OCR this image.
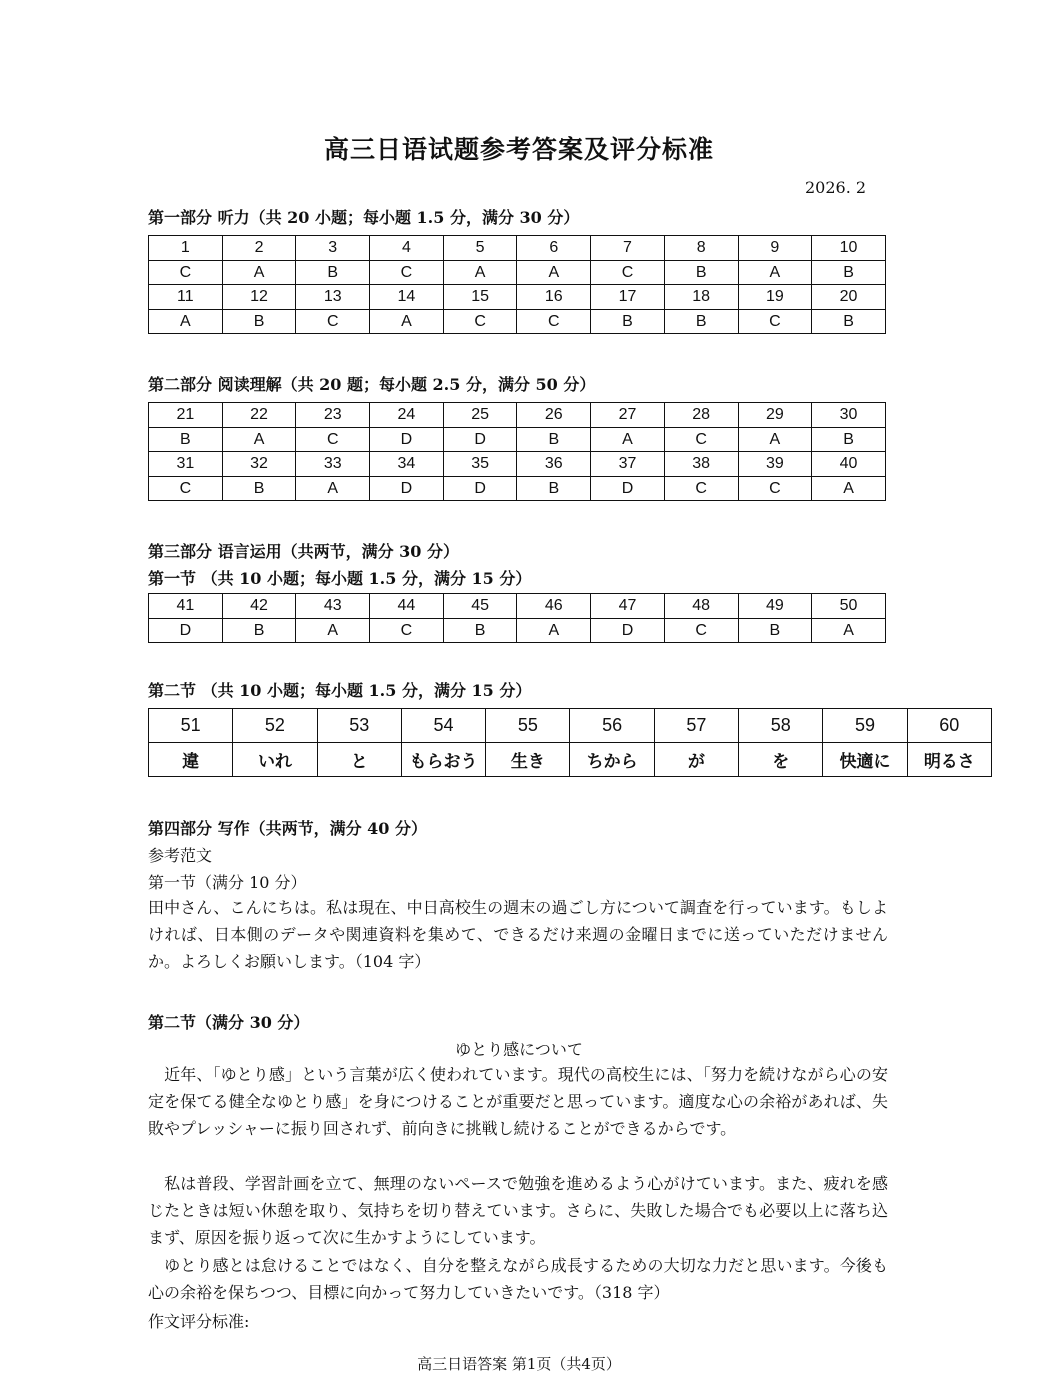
高三日语试题参考答案及评分标准
2026. 2
第一部分 听力（共 20 小题；每小题 1.5 分，满分 30 分）
1	2	3	4	5	6	7	8	9	10
C	A	B	C	A	A	C	B	A	B
11	12	13	14	15	16	17	18	19	20
A	B	C	A	C	C	B	B	C	B
第二部分 阅读理解（共 20 题；每小题 2.5 分，满分 50 分）
21	22	23	24	25	26	27	28	29	30
B	A	C	D	D	B	A	C	A	B
31	32	33	34	35	36	37	38	39	40
C	B	A	D	D	B	D	C	C	A
第三部分 语言运用（共两节，满分 30 分）
第一节 （共 10 小题；每小题 1.5 分，满分 15 分）
41	42	43	44	45	46	47	48	49	50
D	B	A	C	B	A	D	C	B	A
第二节 （共 10 小题；每小题 1.5 分，满分 15 分）
51	52	53	54	55	56	57	58	59	60
違	いれ	と	もらおう	生き	ちから	が	を	快適に	明るさ
第四部分 写作（共两节，满分 40 分）
参考范文
第一节（满分 10 分）
田中さん、こんにちは。私は現在、中日高校生の週末の過ごし方について調査を行っています。もしよければ、日本側のデータや関連資料を集めて、できるだけ来週の金曜日までに送っていただけませんか。よろしくお願いします。（104 字）
第二节（满分 30 分）
ゆとり感について
　近年、「ゆとり感」という言葉が広く使われています。現代の高校生には、「努力を続けながら心の安定を保てる健全なゆとり感」を身につけることが重要だと思っています。適度な心の余裕があれば、失敗やプレッシャーに振り回されず、前向きに挑戦し続けることができるからです。
　私は普段、学習計画を立て、無理のないペースで勉強を進めるよう心がけています。また、疲れを感じたときは短い休憩を取り、気持ちを切り替えています。さらに、失敗した場合でも必要以上に落ち込まず、原因を振り返って次に生かすようにしています。
　ゆとり感とは怠けることではなく、自分を整えながら成長するための大切な力だと思います。今後も心の余裕を保ちつつ、目標に向かって努力していきたいです。（318 字）
作文评分标准:
高三日语答案 第1页（共4页）
